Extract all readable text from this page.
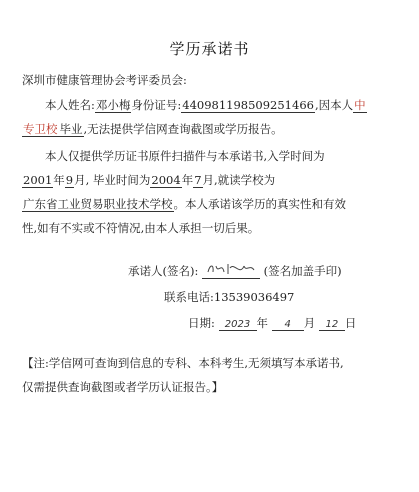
学历承诺书
深圳市健康管理协会考评委员会:
本人姓名:邓小梅身份证号:440981198509251466,因本人中
专卫校 毕业,无法提供学信网查询截图或学历报告。
本人仅提供学历证书原件扫描件与本承诺书,入学时间为
2001年9月, 毕业时间为2004年7月,就读学校为
广东省工业贸易职业技术学校。本人承诺该学历的真实性和有效
性,如有不实或不符情况,由本人承担一切后果。
承诺人(签名):	(签名加盖手印)
联系电话:13539036497
日期: 2023 年 4 月 12 日
【注:学信网可查询到信息的专科、本科考生,无须填写本承诺书,
仅需提供查询截图或者学历认证报告。】
